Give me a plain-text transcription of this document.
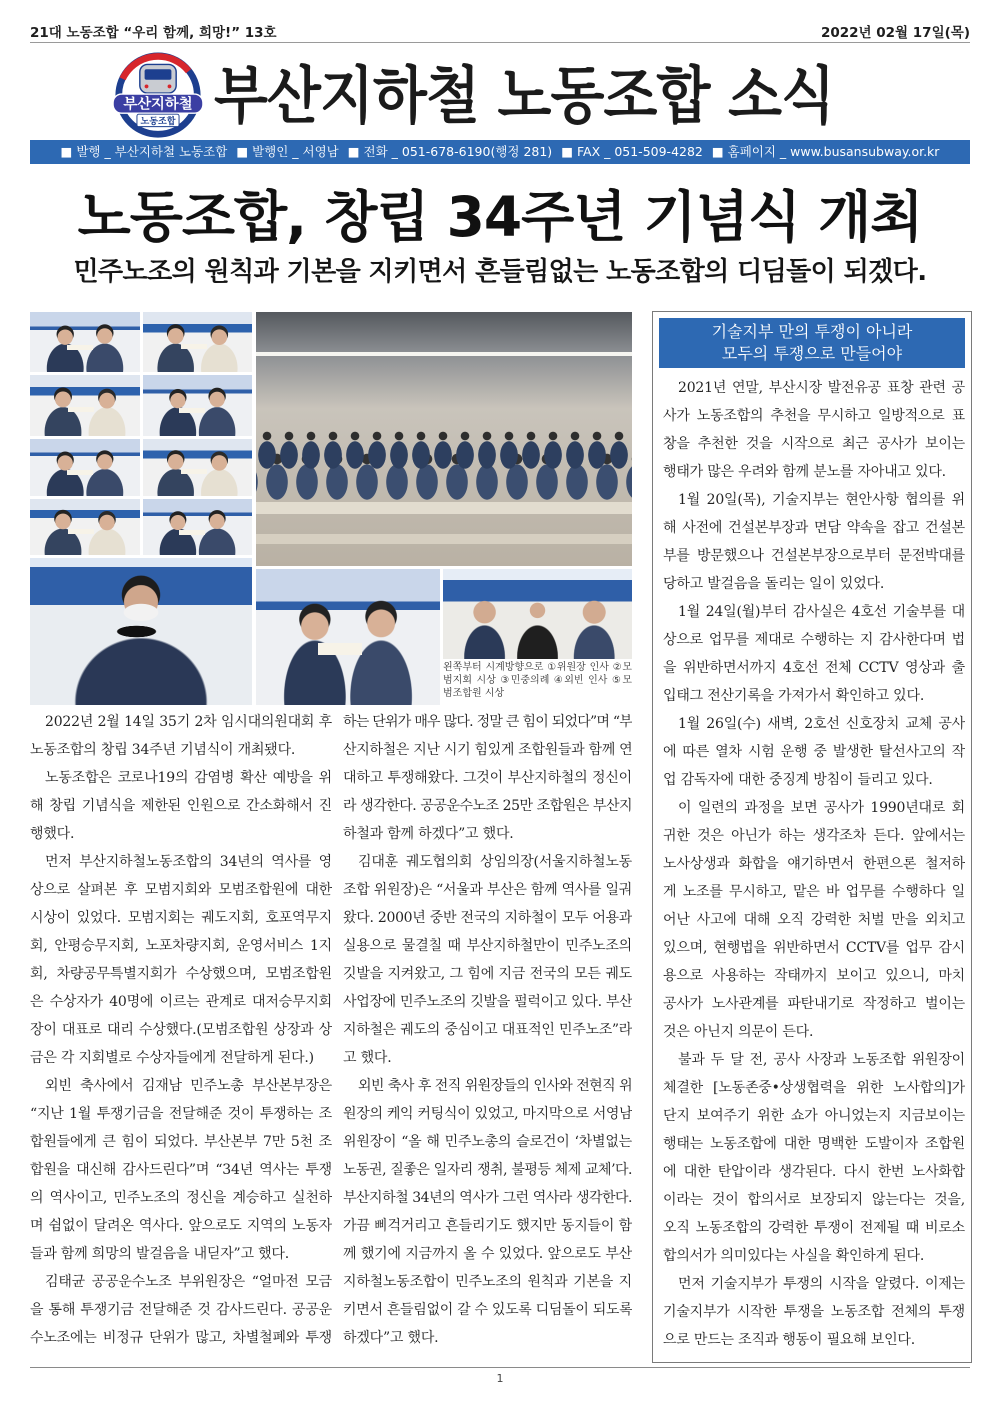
21대 노동조합 “우리 함께, 희망!” 13호	2022년 02월 17일(목)
부산지하철
노동조합 부산지하철 노동조합 소식
■ 발행 _ 부산지하철 노동조합 ■ 발행인 _ 서영남 ■ 전화 _ 051-678-6190(행정 281) ■ FAX _ 051-509-4282 ■ 홈페이지 _ www.busansubway.or.kr
노동조합, 창립 34주년 기념식 개최
민주노조의 원칙과 기본을 지키면서 흔들림없는 노동조합의 디딤돌이 되겠다.
왼쪽부터 시계방향으로 ①위원장 인사 ②모
범지회 시상 ③민중의례 ④외빈 인사 ⑤모
범조합원 시상
2022년 2월 14일 35기 2차 임시대의원대회 후
노동조합의 창립 34주년 기념식이 개최됐다.
노동조합은 코로나19의 감염병 확산 예방을 위
해 창립 기념식을 제한된 인원으로 간소화해서 진
행했다.
먼저 부산지하철노동조합의 34년의 역사를 영
상으로 살펴본 후 모범지회와 모범조합원에 대한
시상이 있었다. 모범지회는 궤도지회, 호포역무지
회, 안평승무지회, 노포차량지회, 운영서비스 1지
회, 차량공무특별지회가 수상했으며, 모범조합원
은 수상자가 40명에 이르는 관계로 대저승무지회
장이 대표로 대리 수상했다.(모범조합원 상장과 상
금은 각 지회별로 수상자들에게 전달하게 된다.)
외빈 축사에서 김재남 민주노총 부산본부장은
“지난 1월 투쟁기금을 전달해준 것이 투쟁하는 조
합원들에게 큰 힘이 되었다. 부산본부 7만 5천 조
합원을 대신해 감사드린다”며 “34년 역사는 투쟁
의 역사이고, 민주노조의 정신을 계승하고 실천하
며 쉼없이 달려온 역사다. 앞으로도 지역의 노동자
들과 함께 희망의 발걸음을 내딛자”고 했다.
김태균 공공운수노조 부위원장은 “얼마전 모금
을 통해 투쟁기금 전달해준 것 감사드린다. 공공운
수노조에는 비정규 단위가 많고, 차별철폐와 투쟁
하는 단위가 매우 많다. 정말 큰 힘이 되었다”며 “부
산지하철은 지난 시기 힘있게 조합원들과 함께 연
대하고 투쟁해왔다. 그것이 부산지하철의 정신이
라 생각한다. 공공운수노조 25만 조합원은 부산지
하철과 함께 하겠다”고 했다.
김대훈 궤도협의회 상임의장(서울지하철노동
조합 위원장)은 “서울과 부산은 함께 역사를 일궈
왔다. 2000년 중반 전국의 지하철이 모두 어용과
실용으로 물결칠 때 부산지하철만이 민주노조의
깃발을 지켜왔고, 그 힘에 지금 전국의 모든 궤도
사업장에 민주노조의 깃발을 펄럭이고 있다. 부산
지하철은 궤도의 중심이고 대표적인 민주노조”라
고 했다.
외빈 축사 후 전직 위원장들의 인사와 전현직 위
원장의 케익 커팅식이 있었고, 마지막으로 서영남
위원장이 “올 해 민주노총의 슬로건이 ‘차별없는
노동권, 질좋은 일자리 쟁취, 불평등 체제 교체’다.
부산지하철 34년의 역사가 그런 역사라 생각한다.
가끔 삐걱거리고 흔들리기도 했지만 동지들이 함
께 했기에 지금까지 올 수 있었다. 앞으로도 부산
지하철노동조합이 민주노조의 원칙과 기본을 지
키면서 흔들림없이 갈 수 있도록 디딤돌이 되도록
하겠다”고 했다.
기술지부 만의 투쟁이 아니라
모두의 투쟁으로 만들어야
2021년 연말, 부산시장 발전유공 표창 관련 공
사가 노동조합의 추천을 무시하고 일방적으로 표
창을 추천한 것을 시작으로 최근 공사가 보이는
행태가 많은 우려와 함께 분노를 자아내고 있다.
1월 20일(목), 기술지부는 현안사항 협의를 위
해 사전에 건설본부장과 면담 약속을 잡고 건설본
부를 방문했으나 건설본부장으로부터 문전박대를
당하고 발걸음을 돌리는 일이 있었다.
1월 24일(월)부터 감사실은 4호선 기술부를 대
상으로 업무를 제대로 수행하는 지 감사한다며 법
을 위반하면서까지 4호선 전체 CCTV 영상과 출
입태그 전산기록을 가져가서 확인하고 있다.
1월 26일(수) 새벽, 2호선 신호장치 교체 공사
에 따른 열차 시험 운행 중 발생한 탈선사고의 작
업 감독자에 대한 중징계 방침이 들리고 있다.
이 일련의 과정을 보면 공사가 1990년대로 회
귀한 것은 아닌가 하는 생각조차 든다. 앞에서는
노사상생과 화합을 얘기하면서 한편으론 철저하
게 노조를 무시하고, 맡은 바 업무를 수행하다 일
어난 사고에 대해 오직 강력한 처벌 만을 외치고
있으며, 현행법을 위반하면서 CCTV를 업무 감시
용으로 사용하는 작태까지 보이고 있으니, 마치
공사가 노사관계를 파탄내기로 작정하고 벌이는
것은 아닌지 의문이 든다.
불과 두 달 전, 공사 사장과 노동조합 위원장이
체결한 [노동존중•상생협력을 위한 노사합의]가
단지 보여주기 위한 쇼가 아니었는지 지금보이는
행태는 노동조합에 대한 명백한 도발이자 조합원
에 대한 탄압이라 생각된다. 다시 한번 노사화합
이라는 것이 합의서로 보장되지 않는다는 것을,
오직 노동조합의 강력한 투쟁이 전제될 때 비로소
합의서가 의미있다는 사실을 확인하게 된다.
먼저 기술지부가 투쟁의 시작을 알렸다. 이제는
기술지부가 시작한 투쟁을 노동조합 전체의 투쟁
으로 만드는 조직과 행동이 필요해 보인다.
1
